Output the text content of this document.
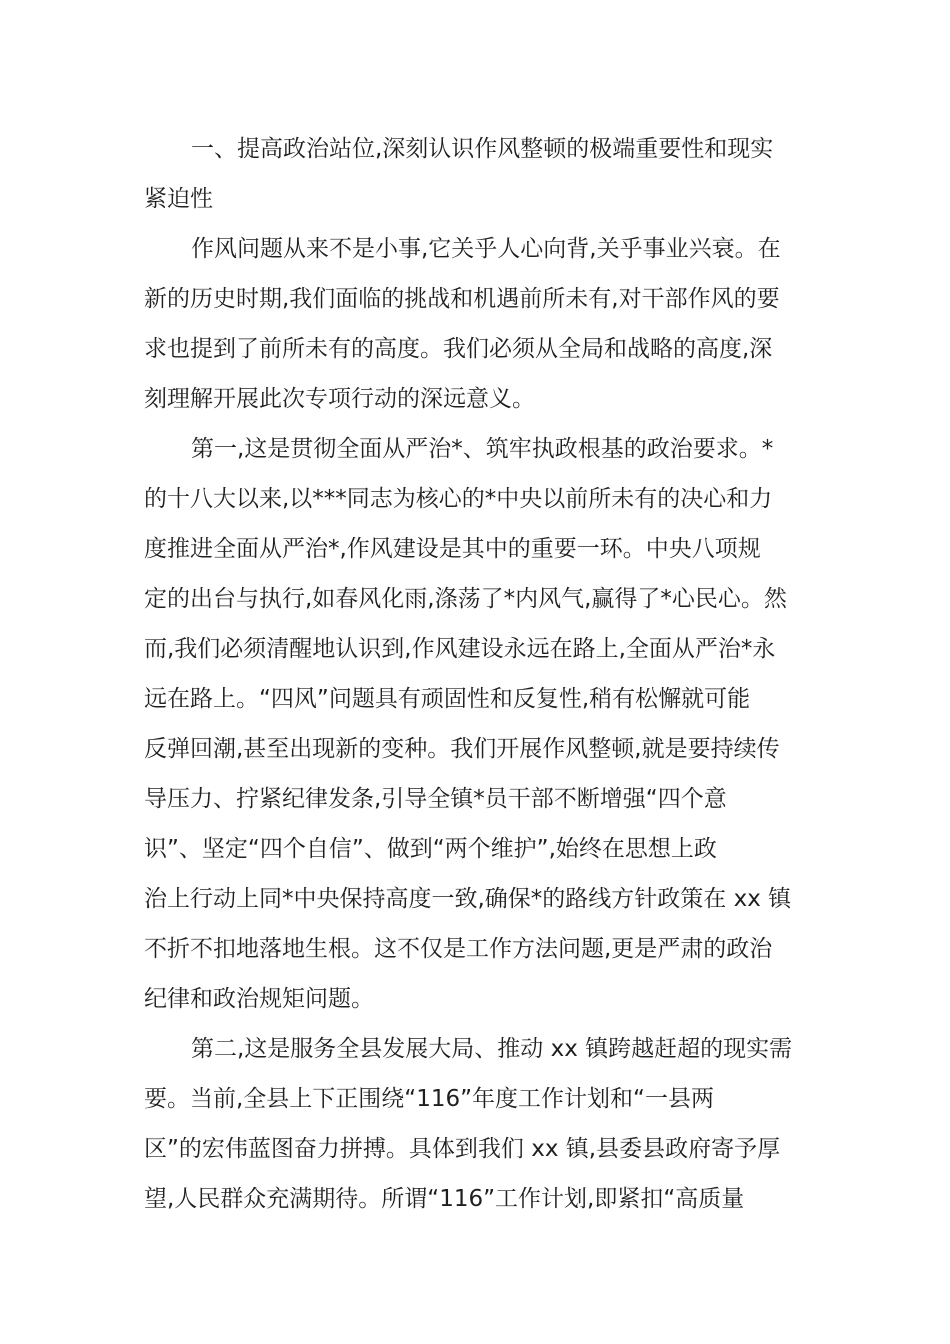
一、提高政治站位,深刻认识作风整顿的极端重要性和现实
紧迫性
作风问题从来不是小事,它关乎人心向背,关乎事业兴衰。在
新的历史时期,我们面临的挑战和机遇前所未有,对干部作风的要
求也提到了前所未有的高度。我们必须从全局和战略的高度,深
刻理解开展此次专项行动的深远意义。
第一,这是贯彻全面从严治*、筑牢执政根基的政治要求。*
的十八大以来,以***同志为核心的*中央以前所未有的决心和力
度推进全面从严治*,作风建设是其中的重要一环。中央八项规
定的出台与执行,如春风化雨,涤荡了*内风气,赢得了*心民心。然
而,我们必须清醒地认识到,作风建设永远在路上,全面从严治*永
远在路上。“四风”问题具有顽固性和反复性,稍有松懈就可能
反弹回潮,甚至出现新的变种。我们开展作风整顿,就是要持续传
导压力、拧紧纪律发条,引导全镇*员干部不断增强“四个意
识”、坚定“四个自信”、做到“两个维护”,始终在思想上政
治上行动上同*中央保持高度一致,确保*的路线方针政策在 xx 镇
不折不扣地落地生根。这不仅是工作方法问题,更是严肃的政治
纪律和政治规矩问题。
第二,这是服务全县发展大局、推动 xx 镇跨越赶超的现实需
要。当前,全县上下正围绕“116”年度工作计划和“一县两
区”的宏伟蓝图奋力拼搏。具体到我们 xx 镇,县委县政府寄予厚
望,人民群众充满期待。所谓“116”工作计划,即紧扣“高质量
